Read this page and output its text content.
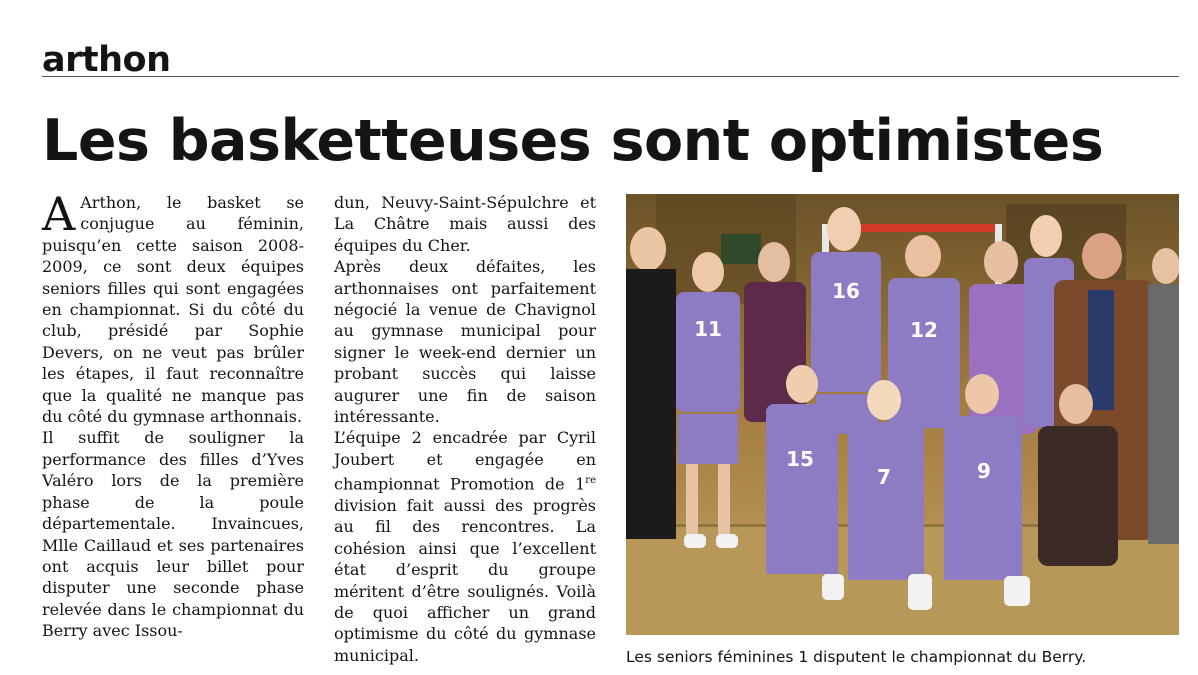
arthon
Les basketteuses sont optimistes

A Arthon, le basket se conjugue au féminin, puisqu’en cette saison 2008-2009, ce sont deux équipes seniors filles qui sont engagées en championnat. Si du côté du club, présidé par Sophie Devers, on ne veut pas brûler les étapes, il faut reconnaître que la qualité ne manque pas du côté du gymnase arthonnais.

Il suffit de souligner la performance des filles d’Yves Valéro lors de la première phase de la poule départementale. Invaincues, Mlle Caillaud et ses partenaires ont acquis leur billet pour disputer une seconde phase relevée dans le championnat du Berry avec Issou-

dun, Neuvy-Saint-Sépulchre et La Châtre mais aussi des équipes du Cher.

Après deux défaites, les arthonnaises ont parfaitement négocié la venue de Chavignol au gymnase municipal pour signer le week-end dernier un probant succès qui laisse augurer une fin de saison intéressante.

L’équipe 2 encadrée par Cyril Joubert et engagée en championnat Promotion de 1re division fait aussi des progrès au fil des rencontres. La cohésion ainsi que l’excellent état d’esprit du groupe méritent d’être soulignés. Voilà de quoi afficher un grand optimisme du côté du gymnase municipal.

11
16
12
15
7	9
Les seniors féminines 1 disputent le championnat du Berry.
